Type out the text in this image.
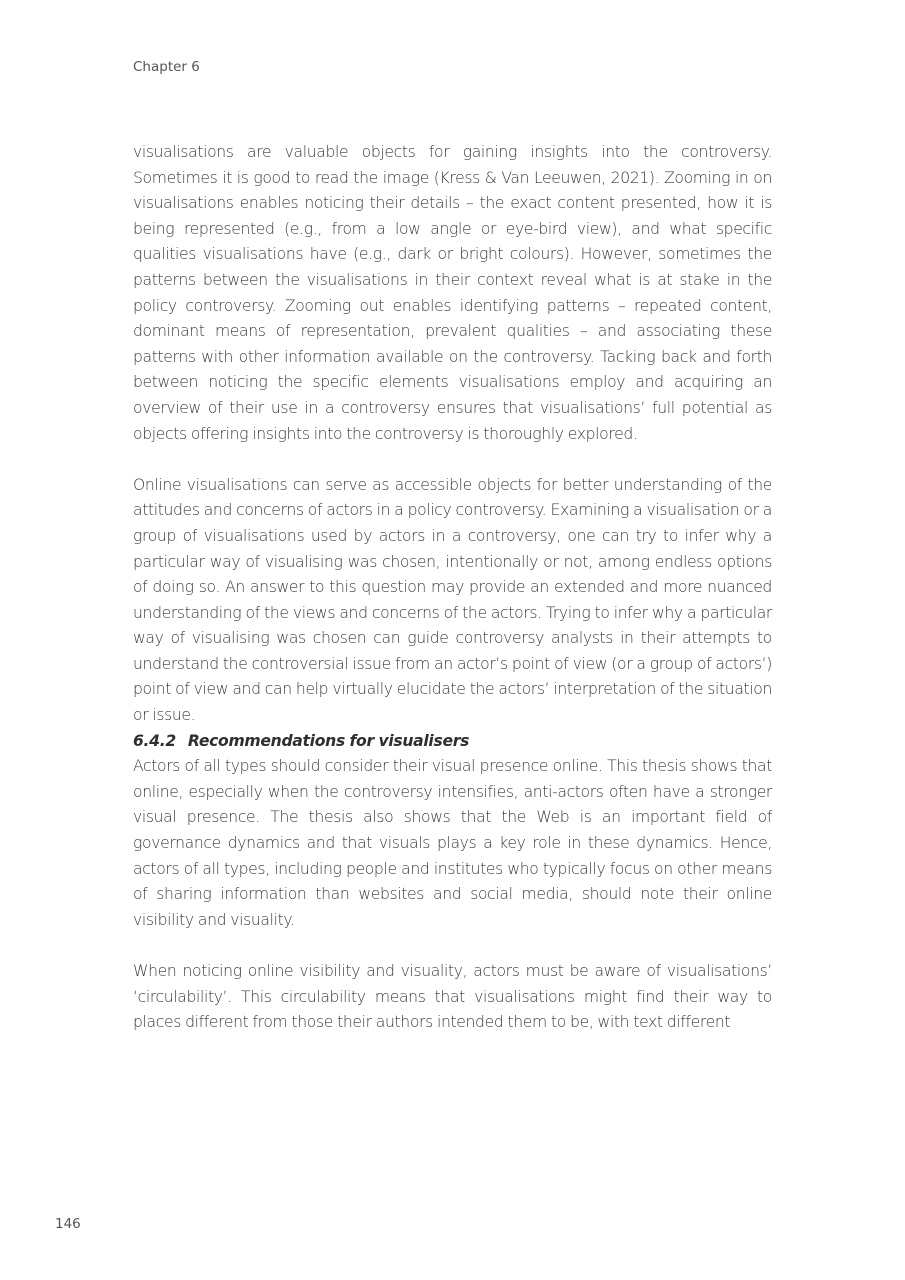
Chapter 6

visualisations are valuable objects for gaining insights into the controversy. Sometimes it is good to read the image (Kress & Van Leeuwen, 2021). Zooming in on visualisations enables noticing their details – the exact content presented, how it is being represented (e.g., from a low angle or eye-bird view), and what specific qualities visualisations have (e.g., dark or bright colours). However, sometimes the patterns between the visualisations in their context reveal what is at stake in the policy controversy. Zooming out enables identifying patterns – repeated content, dominant means of representation, prevalent qualities – and associating these patterns with other information available on the controversy. Tacking back and forth between noticing the specific elements visualisations employ and acquiring an overview of their use in a controversy ensures that visualisations’ full potential as objects offering insights into the controversy is thoroughly explored.

Online visualisations can serve as accessible objects for better understanding of the attitudes and concerns of actors in a policy controversy. Examining a visualisation or a group of visualisations used by actors in a controversy, one can try to infer why a particular way of visualising was chosen, intentionally or not, among endless options of doing so. An answer to this question may provide an extended and more nuanced understanding of the views and concerns of the actors. Trying to infer why a particular way of visualising was chosen can guide controversy analysts in their attempts to understand the controversial issue from an actor’s point of view (or a group of actors’) point of view and can help virtually elucidate the actors’ interpretation of the situation or issue.

6.4.2 Recommendations for visualisers

Actors of all types should consider their visual presence online. This thesis shows that online, especially when the controversy intensifies, anti-actors often have a stronger visual presence. The thesis also shows that the Web is an important field of governance dynamics and that visuals plays a key role in these dynamics. Hence, actors of all types, including people and institutes who typically focus on other means of sharing information than websites and social media, should note their online visibility and visuality.

When noticing online visibility and visuality, actors must be aware of visualisations’ ‘circulability’. This circulability means that visualisations might find their way to places different from those their authors intended them to be, with text different

146
